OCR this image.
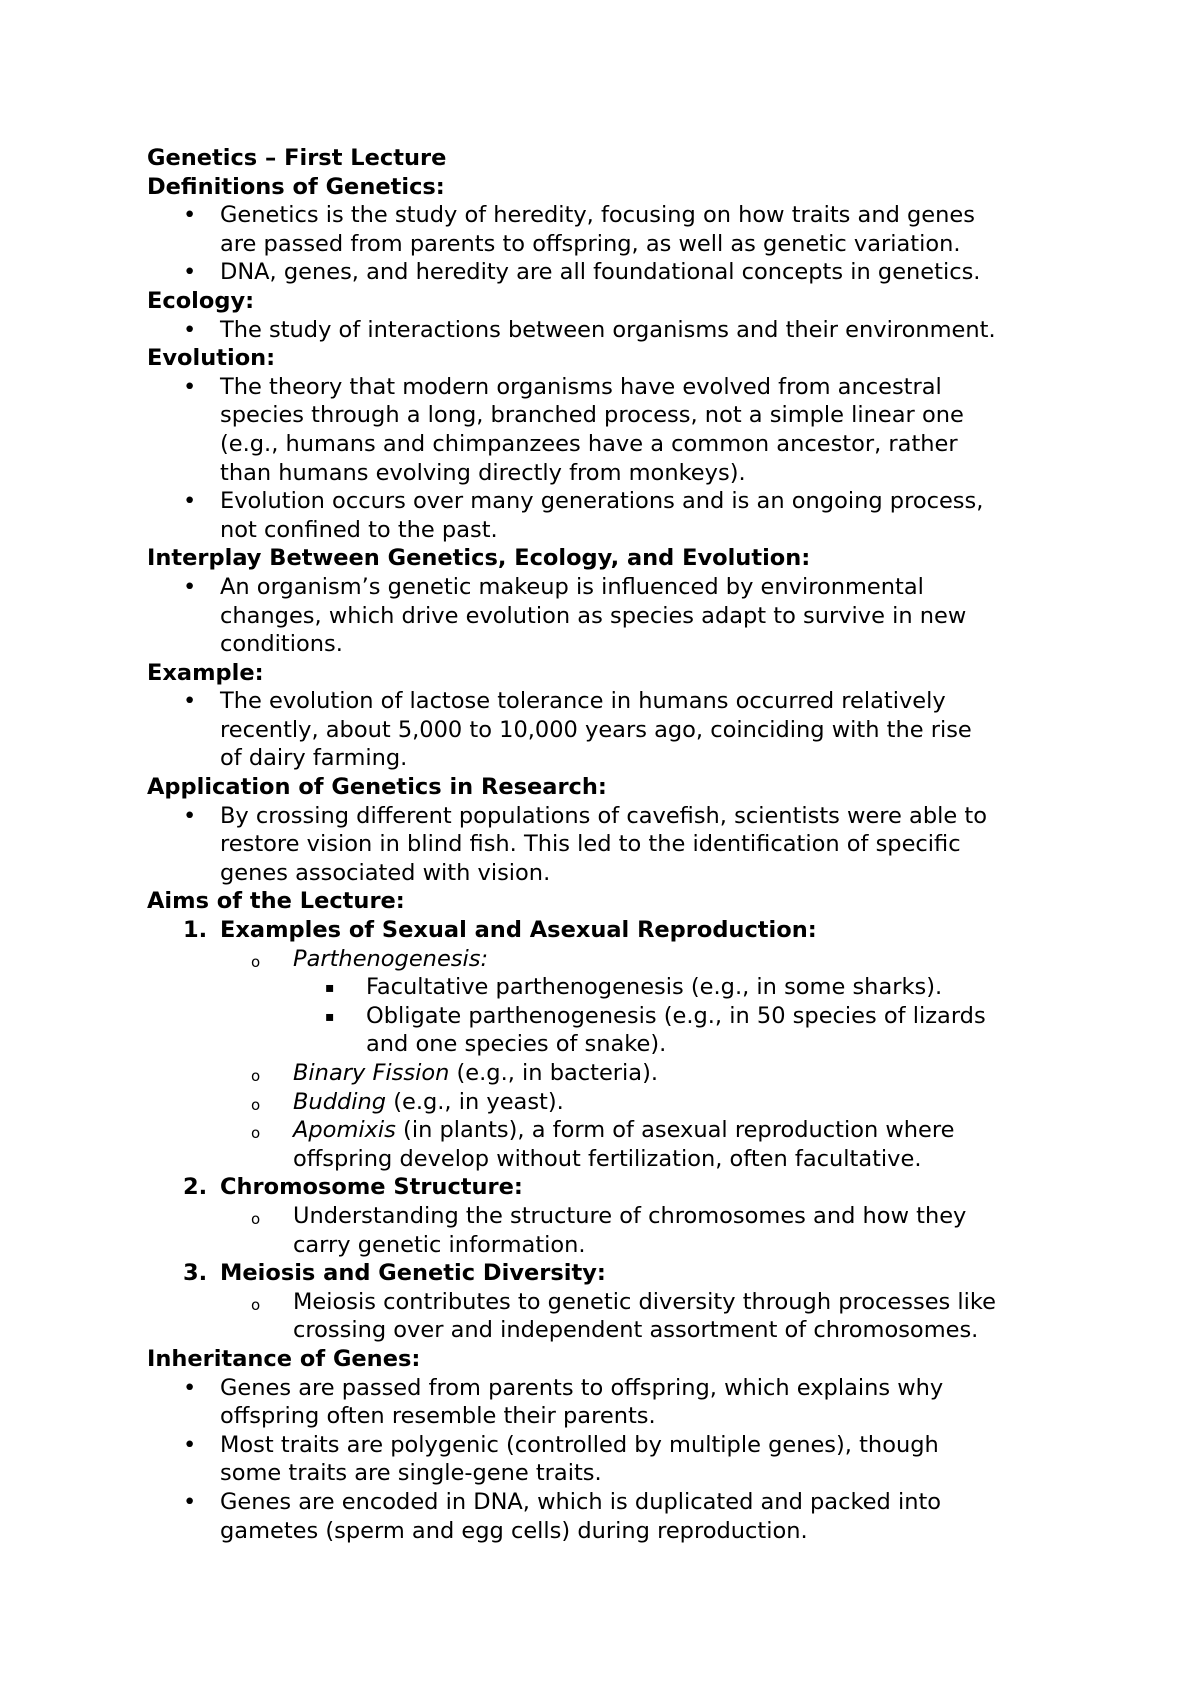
Genetics – First Lecture
Definitions of Genetics:
• Genetics is the study of heredity, focusing on how traits and genes
are passed from parents to offspring, as well as genetic variation.
• DNA, genes, and heredity are all foundational concepts in genetics.
Ecology:
• The study of interactions between organisms and their environment.
Evolution:
• The theory that modern organisms have evolved from ancestral
species through a long, branched process, not a simple linear one
(e.g., humans and chimpanzees have a common ancestor, rather
than humans evolving directly from monkeys).
• Evolution occurs over many generations and is an ongoing process,
not confined to the past.
Interplay Between Genetics, Ecology, and Evolution:
• An organism’s genetic makeup is influenced by environmental
changes, which drive evolution as species adapt to survive in new
conditions.
Example:
• The evolution of lactose tolerance in humans occurred relatively
recently, about 5,000 to 10,000 years ago, coinciding with the rise
of dairy farming.
Application of Genetics in Research:
• By crossing different populations of cavefish, scientists were able to
restore vision in blind fish. This led to the identification of specific
genes associated with vision.
Aims of the Lecture:
1. Examples of Sexual and Asexual Reproduction:
o Parthenogenesis:
▪ Facultative parthenogenesis (e.g., in some sharks).
▪ Obligate parthenogenesis (e.g., in 50 species of lizards
and one species of snake).
o Binary Fission (e.g., in bacteria).
o Budding (e.g., in yeast).
o Apomixis (in plants), a form of asexual reproduction where
offspring develop without fertilization, often facultative.
2. Chromosome Structure:
o Understanding the structure of chromosomes and how they
carry genetic information.
3. Meiosis and Genetic Diversity:
o Meiosis contributes to genetic diversity through processes like
crossing over and independent assortment of chromosomes.
Inheritance of Genes:
• Genes are passed from parents to offspring, which explains why
offspring often resemble their parents.
• Most traits are polygenic (controlled by multiple genes), though
some traits are single-gene traits.
• Genes are encoded in DNA, which is duplicated and packed into
gametes (sperm and egg cells) during reproduction.
